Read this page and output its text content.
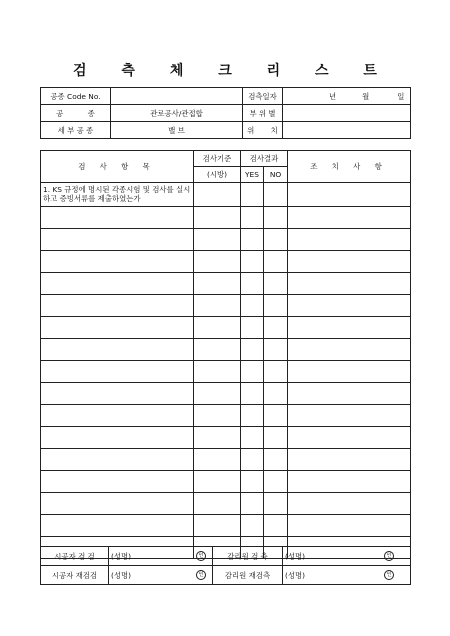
검 측 체 크 리 스 트
공종 Code No.		검측일자	년 월 일
공 종	관로공사/관접합	부 위 별	
세 부 공 종	밸 브	위 치	
검 사 항 목	검사기준	검사결과		조 치 사 항
	(시방)	YES	NO	
1. KS 규정에 명시된 각종시험 및 검사를 실시하고 증빙서류를 제출하였는가				

시공자 검 검	(성명) 인	감리원 검 측	(성명) 인

시공자 재검검	(성명) 인	감리원 재검측	(성명) 인
